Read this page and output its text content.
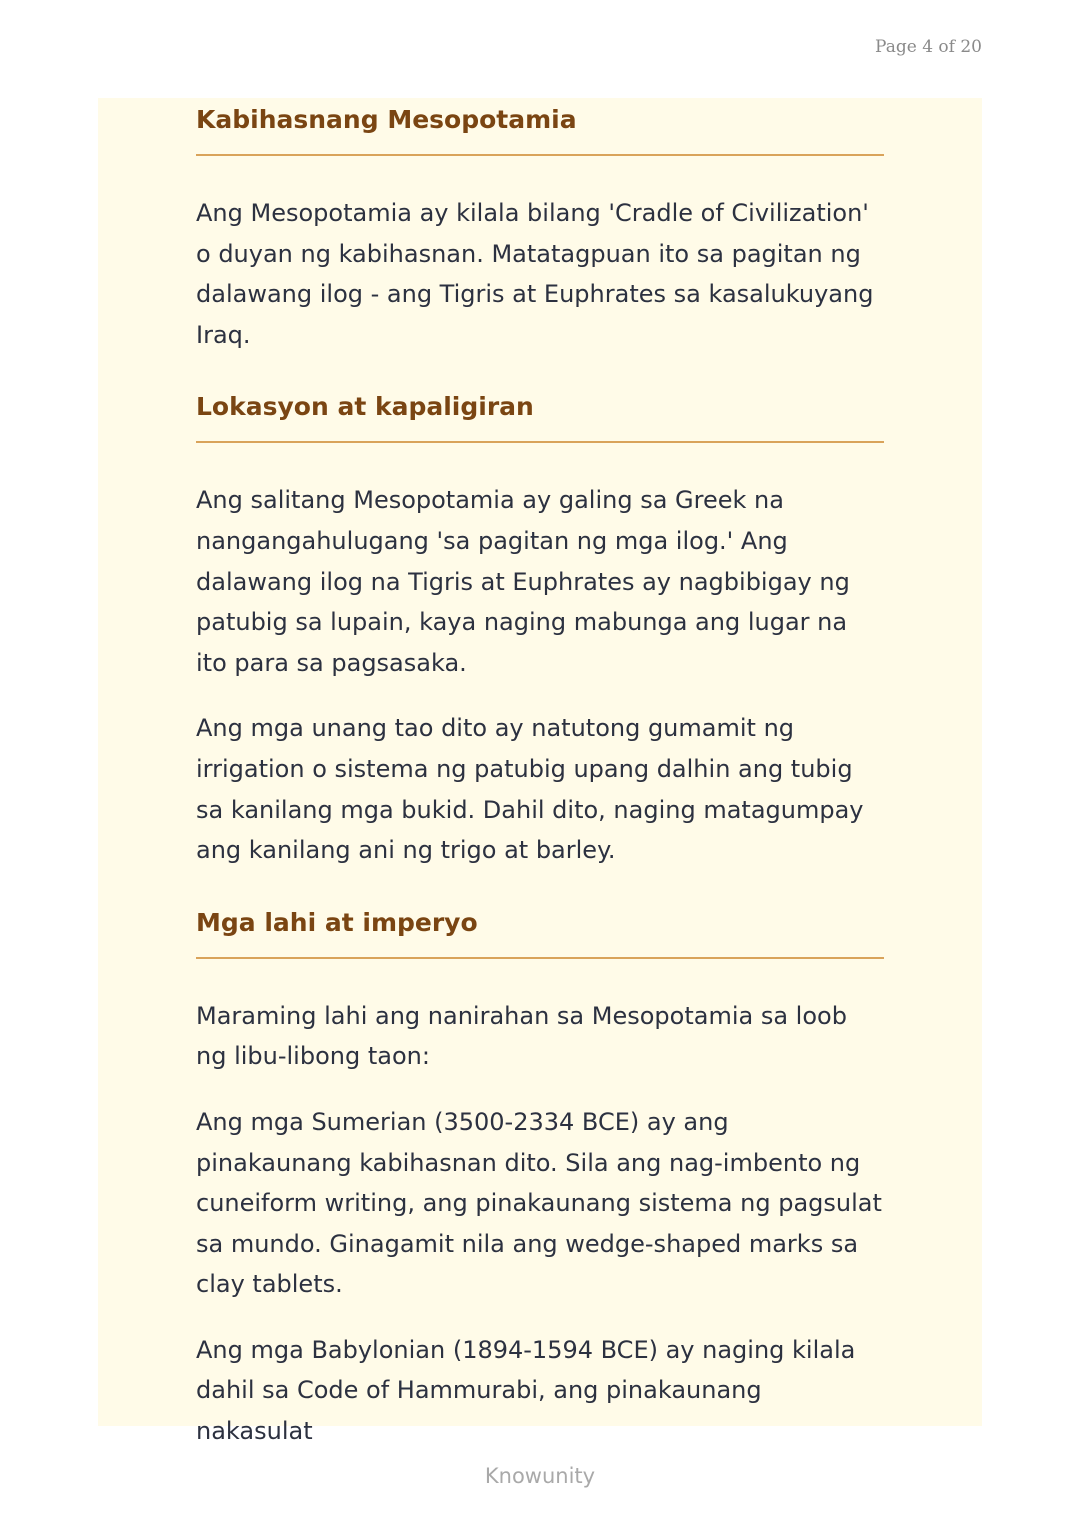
Page 4 of 20
Kabihasnang Mesopotamia

Ang Mesopotamia ay kilala bilang 'Cradle of Civilization' o duyan ng kabihasnan. Matatagpuan ito sa pagitan ng dalawang ilog - ang Tigris at Euphrates sa kasalukuyang Iraq.

Lokasyon at kapaligiran

Ang salitang Mesopotamia ay galing sa Greek na nangangahulugang 'sa pagitan ng mga ilog.' Ang dalawang ilog na Tigris at Euphrates ay nagbibigay ng patubig sa lupain, kaya naging mabunga ang lugar na ito para sa pagsasaka.

Ang mga unang tao dito ay natutong gumamit ng irrigation o sistema ng patubig upang dalhin ang tubig sa kanilang mga bukid. Dahil dito, naging matagumpay ang kanilang ani ng trigo at barley.

Mga lahi at imperyo

Maraming lahi ang nanirahan sa Mesopotamia sa loob ng libu-libong taon:

Ang mga Sumerian (3500-2334 BCE) ay ang pinakaunang kabihasnan dito. Sila ang nag-imbento ng cuneiform writing, ang pinakaunang sistema ng pagsulat sa mundo. Ginagamit nila ang wedge-shaped marks sa clay tablets.

Ang mga Babylonian (1894-1594 BCE) ay naging kilala dahil sa Code of Hammurabi, ang pinakaunang nakasulat

Knowunity
